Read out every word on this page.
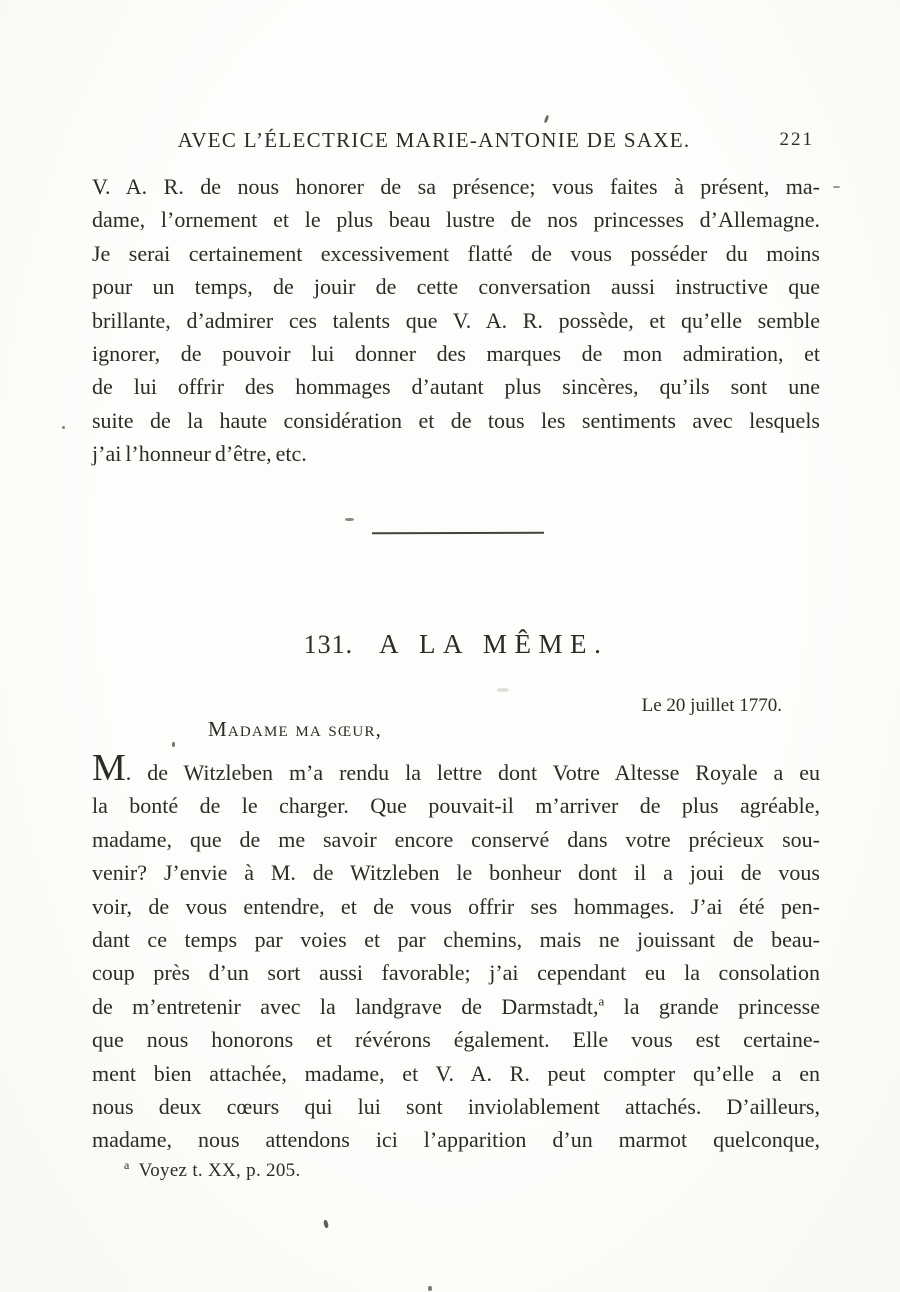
AVEC L’ÉLECTRICE MARIE-ANTONIE DE SAXE.	221
V. A. R. de nous honorer de sa présence; vous faites à présent, ma-
dame, l’ornement et le plus beau lustre de nos princesses d’Allemagne.
Je serai certainement excessivement flatté de vous posséder du moins
pour un temps, de jouir de cette conversation aussi instructive que
brillante, d’admirer ces talents que V. A. R. possède, et qu’elle semble
ignorer, de pouvoir lui donner des marques de mon admiration, et
de lui offrir des hommages d’autant plus sincères, qu’ils sont une
suite de la haute considération et de tous les sentiments avec lesquels
j’ai l’honneur d’être, etc.
131. A LA MÊME.
Le 20 juillet 1770.
Madame ma sœur,
M. de Witzleben m’a rendu la lettre dont Votre Altesse Royale a eu
la bonté de le charger. Que pouvait-il m’arriver de plus agréable,
madame, que de me savoir encore conservé dans votre précieux sou-
venir? J’envie à M. de Witzleben le bonheur dont il a joui de vous
voir, de vous entendre, et de vous offrir ses hommages. J’ai été pen-
dant ce temps par voies et par chemins, mais ne jouissant de beau-
coup près d’un sort aussi favorable; j’ai cependant eu la consolation
de m’entretenir avec la landgrave de Darmstadt,$^a$ la grande princesse
que nous honorons et révérons également. Elle vous est certaine-
ment bien attachée, madame, et V. A. R. peut compter qu’elle a en
nous deux cœurs qui lui sont inviolablement attachés. D’ailleurs,
madame, nous attendons ici l’apparition d’un marmot quelconque,
$^a$ Voyez t. XX, p. 205.
